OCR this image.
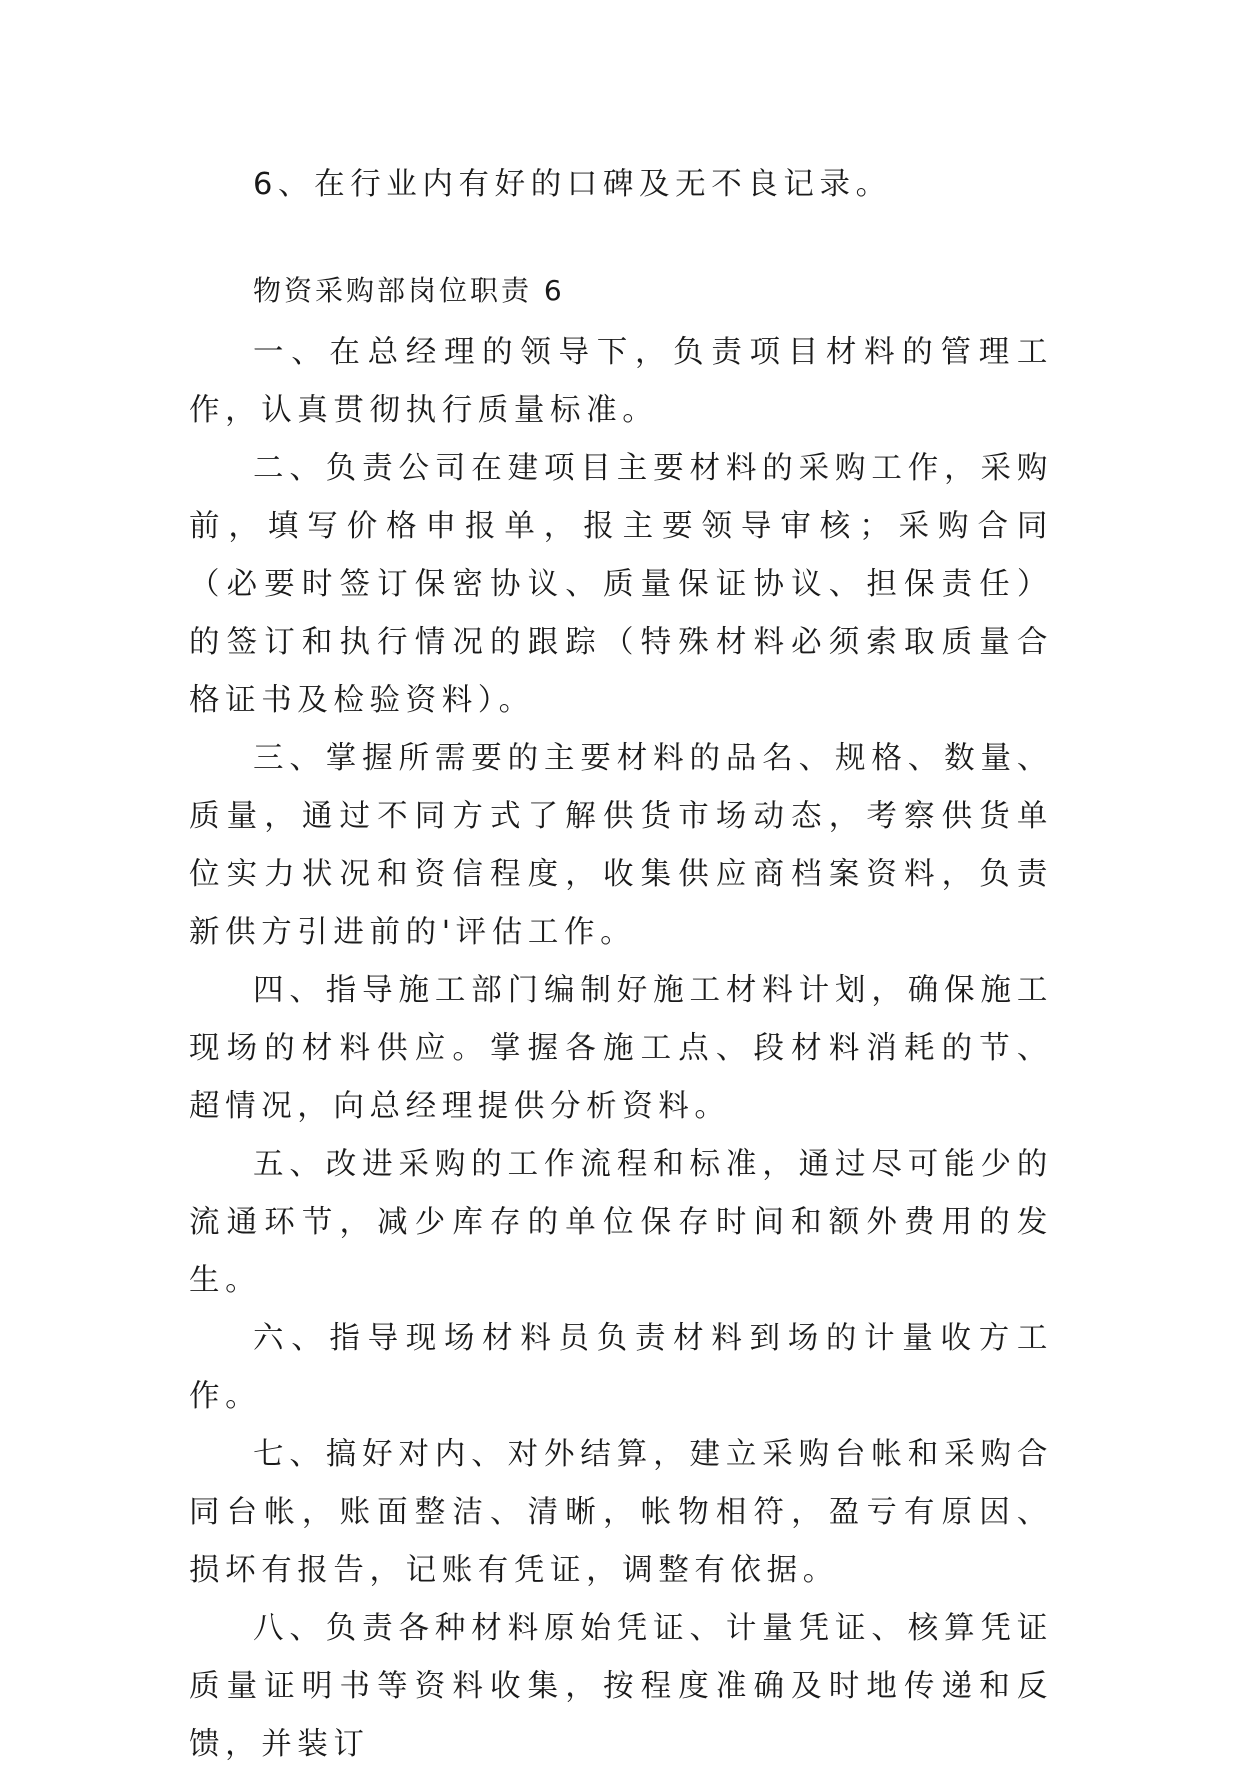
6、在行业内有好的口碑及无不良记录。

物资采购部岗位职责 6

一、在总经理的领导下，负责项目材料的管理工作，认真贯彻执行质量标准。

二、负责公司在建项目主要材料的采购工作，采购前，填写价格申报单，报主要领导审核；采购合同（必要时签订保密协议、质量保证协议、担保责任）的签订和执行情况的跟踪（特殊材料必须索取质量合格证书及检验资料）。

三、掌握所需要的主要材料的品名、规格、数量、质量，通过不同方式了解供货市场动态，考察供货单位实力状况和资信程度，收集供应商档案资料，负责新供方引进前的'评估工作。

四、指导施工部门编制好施工材料计划，确保施工现场的材料供应。掌握各施工点、段材料消耗的节、超情况，向总经理提供分析资料。

五、改进采购的工作流程和标准，通过尽可能少的流通环节，减少库存的单位保存时间和额外费用的发生。

六、指导现场材料员负责材料到场的计量收方工作。

七、搞好对内、对外结算，建立采购台帐和采购合同台帐，账面整洁、清晰，帐物相符，盈亏有原因、损坏有报告，记账有凭证，调整有依据。

八、负责各种材料原始凭证、计量凭证、核算凭证质量证明书等资料收集，按程度准确及时地传递和反馈，并装订
